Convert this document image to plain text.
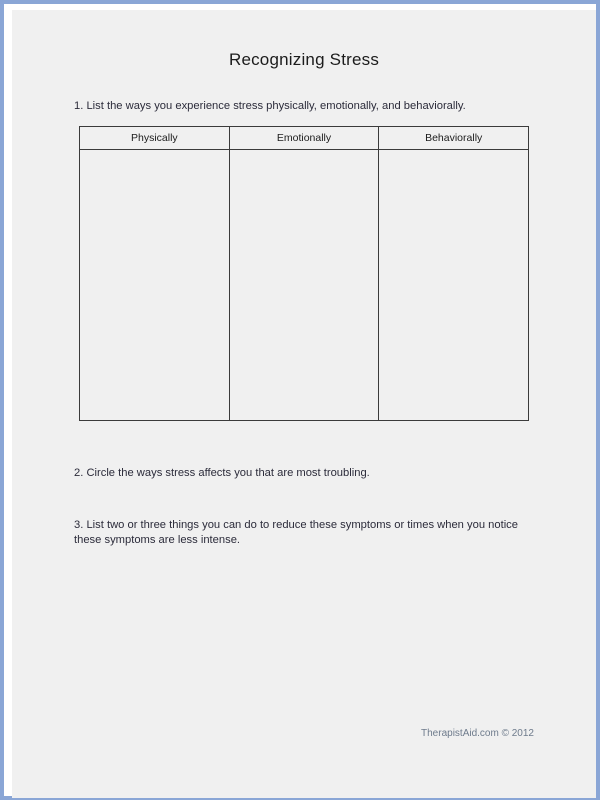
Recognizing Stress
1. List the ways you experience stress physically, emotionally, and behaviorally.
Physically	Emotionally	Behaviorally
2. Circle the ways stress affects you that are most troubling.
3. List two or three things you can do to reduce these symptoms or times when you notice these symptoms are less intense.
TherapistAid.com © 2012
